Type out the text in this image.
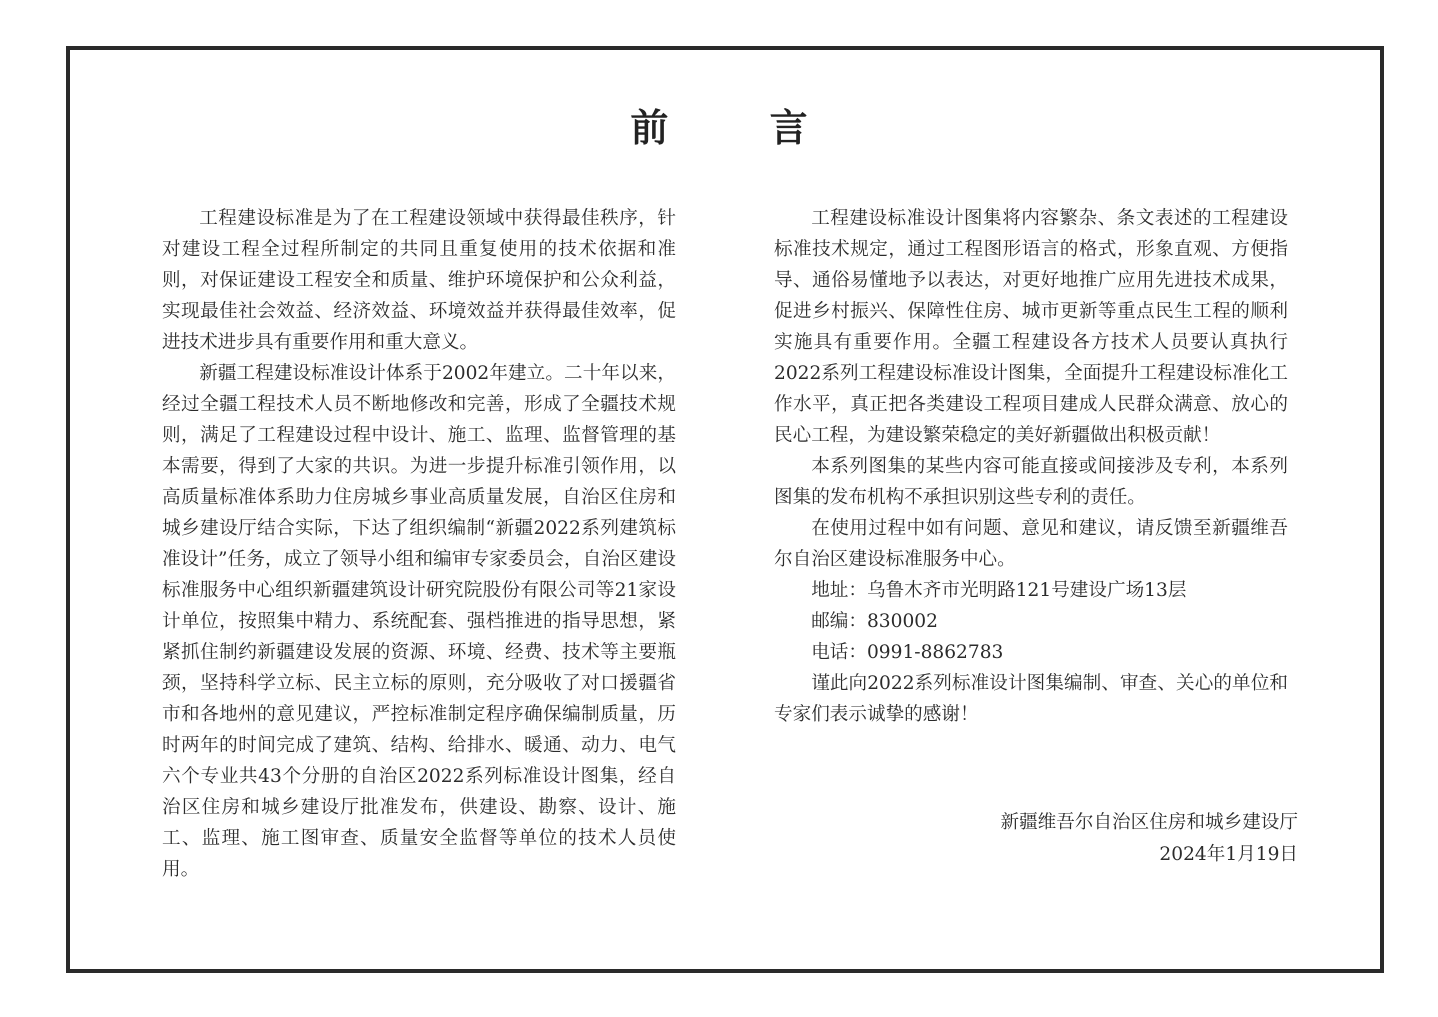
前 言

工程建设标准是为了在工程建设领域中获得最佳秩序，针对建设工程全过程所制定的共同且重复使用的技术依据和准则，对保证建设工程安全和质量、维护环境保护和公众利益，实现最佳社会效益、经济效益、环境效益并获得最佳效率，促进技术进步具有重要作用和重大意义。

新疆工程建设标准设计体系于2002年建立。二十年以来，经过全疆工程技术人员不断地修改和完善，形成了全疆技术规则，满足了工程建设过程中设计、施工、监理、监督管理的基本需要，得到了大家的共识。为进一步提升标准引领作用，以高质量标准体系助力住房城乡事业高质量发展，自治区住房和城乡建设厅结合实际，下达了组织编制“新疆2022系列建筑标准设计”任务，成立了领导小组和编审专家委员会，自治区建设标准服务中心组织新疆建筑设计研究院股份有限公司等21家设计单位，按照集中精力、系统配套、强档推进的指导思想，紧紧抓住制约新疆建设发展的资源、环境、经费、技术等主要瓶颈，坚持科学立标、民主立标的原则，充分吸收了对口援疆省市和各地州的意见建议，严控标准制定程序确保编制质量，历时两年的时间完成了建筑、结构、给排水、暖通、动力、电气六个专业共43个分册的自治区2022系列标准设计图集，经自治区住房和城乡建设厅批准发布，供建设、勘察、设计、施工、监理、施工图审查、质量安全监督等单位的技术人员使用。

工程建设标准设计图集将内容繁杂、条文表述的工程建设标准技术规定，通过工程图形语言的格式，形象直观、方便指导、通俗易懂地予以表达，对更好地推广应用先进技术成果，促进乡村振兴、保障性住房、城市更新等重点民生工程的顺利实施具有重要作用。全疆工程建设各方技术人员要认真执行2022系列工程建设标准设计图集，全面提升工程建设标准化工作水平，真正把各类建设工程项目建成人民群众满意、放心的民心工程，为建设繁荣稳定的美好新疆做出积极贡献！

本系列图集的某些内容可能直接或间接涉及专利，本系列图集的发布机构不承担识别这些专利的责任。

在使用过程中如有问题、意见和建议，请反馈至新疆维吾尔自治区建设标准服务中心。

地址：乌鲁木齐市光明路121号建设广场13层
邮编：830002
电话：0991-8862783

谨此向2022系列标准设计图集编制、审查、关心的单位和专家们表示诚挚的感谢！

新疆维吾尔自治区住房和城乡建设厅
2024年1月19日
